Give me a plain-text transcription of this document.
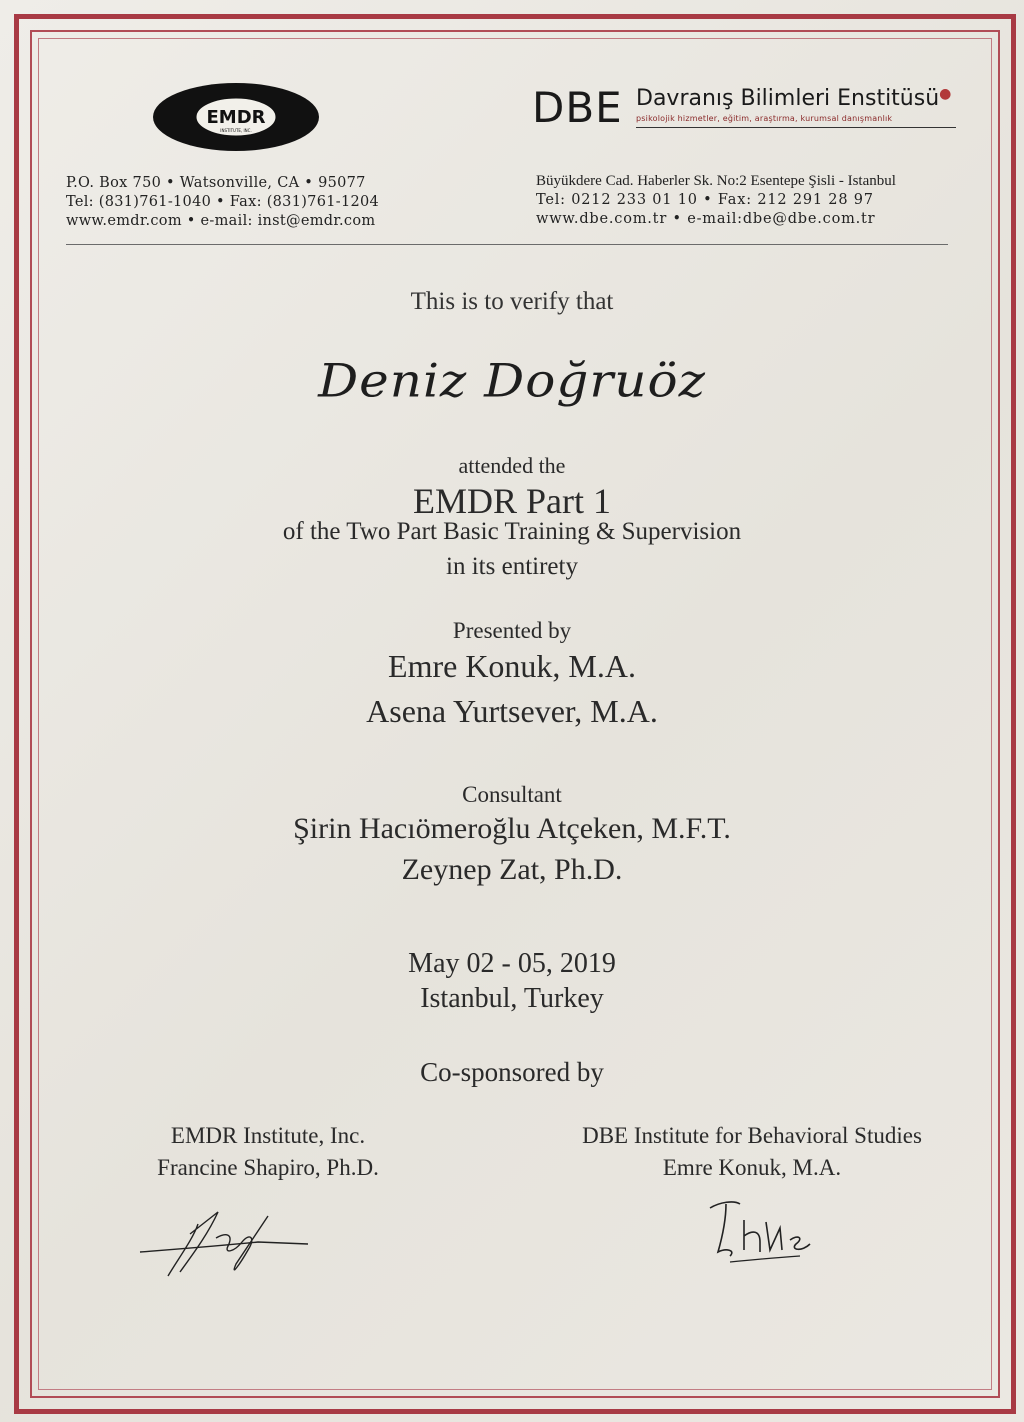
EMDR
INSTITUTE, INC.	DBE Davranış Bilimleri Enstitüsü●
psikolojik hizmetler, eğitim, araştırma, kurumsal danışmanlık
P.O. Box 750 • Watsonville, CA • 95077
Tel: (831)761-1040 • Fax: (831)761-1204
www.emdr.com • e-mail: inst@emdr.com
Büyükdere Cad. Haberler Sk. No:2 Esentepe Şisli - Istanbul
Tel: 0212 233 01 10 • Fax: 212 291 28 97
www.dbe.com.tr • e-mail:dbe@dbe.com.tr
This is to verify that
Deniz Doğruöz
attended the
EMDR Part 1
of the Two Part Basic Training & Supervision
in its entirety
Presented by
Emre Konuk, M.A.
Asena Yurtsever, M.A.
Consultant
Şirin Hacıömeroğlu Atçeken, M.F.T.
Zeynep Zat, Ph.D.
May 02 - 05, 2019
Istanbul, Turkey
Co-sponsored by
EMDR Institute, Inc.
Francine Shapiro, Ph.D.
DBE Institute for Behavioral Studies
Emre Konuk, M.A.
